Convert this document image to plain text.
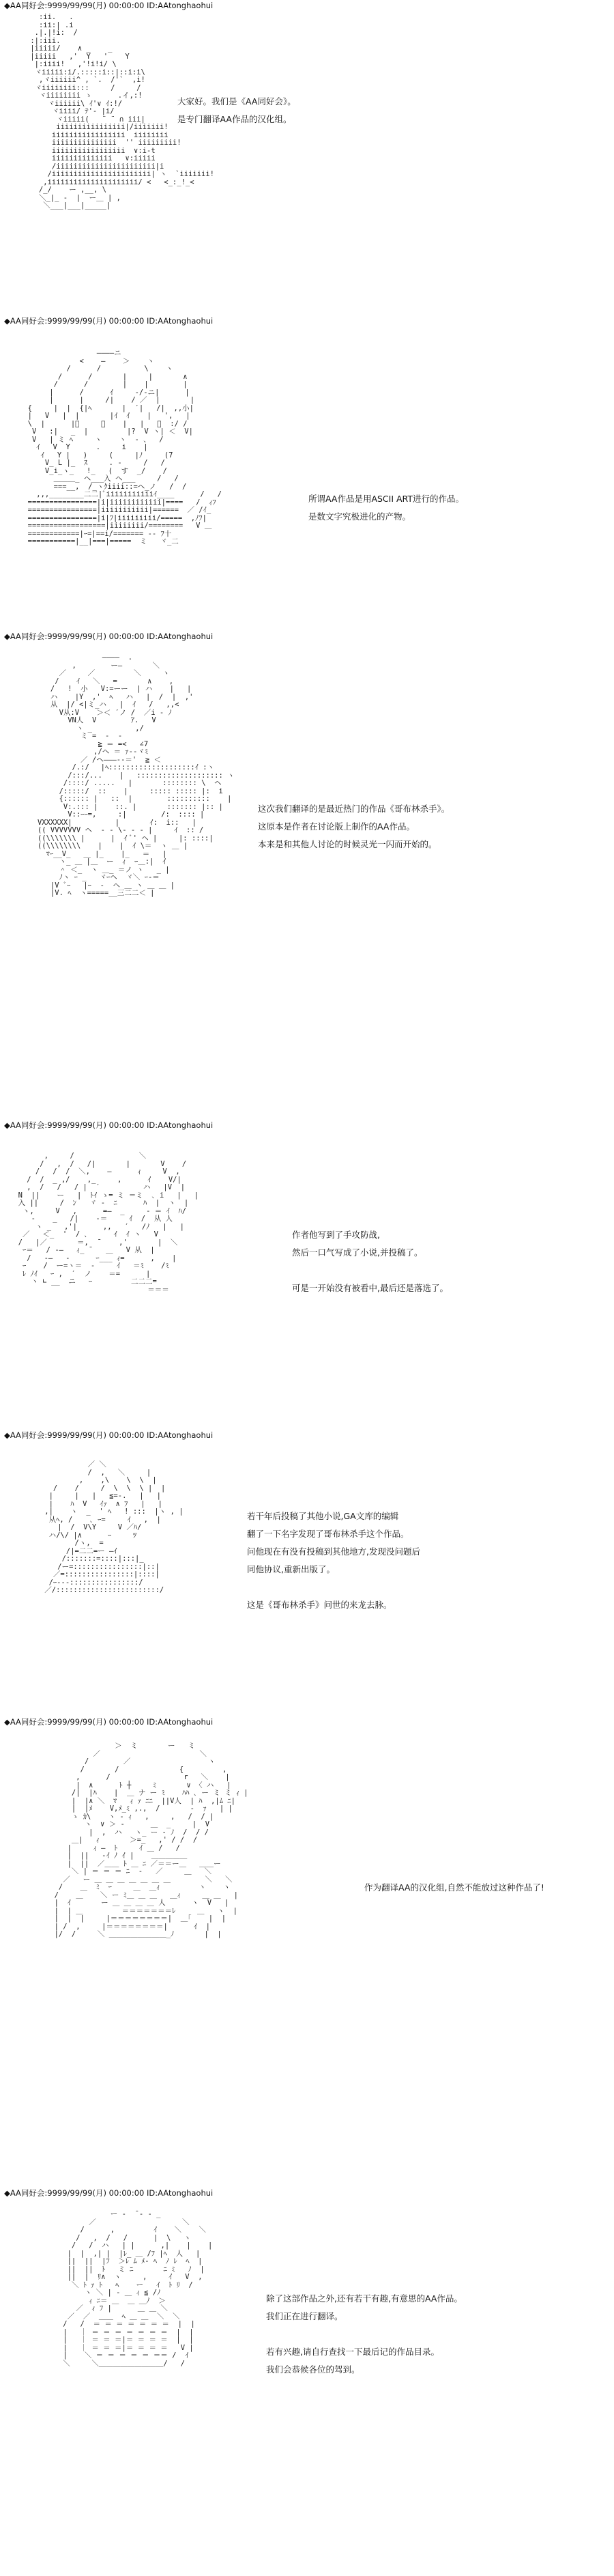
◆AA同好会:9999/99/99(月) 00:00:00 ID:AAtonghaohui
:ii.   .
:ii:| .i
.|.|!i:  /
:|:iii.
|iiiii/    ∧ _    _
|iiiii   ,'  Y   '    Y
|:iiii!   ,'!i!i/ \
ヾiiiii:i/.:::::i::|::i:i\
,ヾiiiiii^ , `.  /'`  ,i!
ヾiiiiiiii:::     /     /
ヾiiiiiiii ゝ      .イ,:!
ヾiiiiii\ ｲ'∨ ｲ:!/
ヾiiii/ ﾃ'- |i/
ヾiiiii(   ¨ ¨ ∩ iii|
iiiiiiiiiiiiiiii|/iiiiiii!
iiiiiiiiiiiiiiiii  iiiiiiii
iiiiiiiiiiiiiii  '' iiiiiiiii!
iiiiiiiiiiiiiiiii  ∨:i-t
iiiiiiiiiiiiii   ∨:iiiii
/iiiiiiiiiiiiiiiiiiiiiii|i
/iiiiiiiiiiiiiiiiiiiiiii| ヽ  `iiiiiii!
,iiiiiiiiiiiiiiiiiiiii/ <   <_:_!_<
/_/    ー ,__, \
＼_|_ ‐  |  ー＿ | ,
＼___|___|_____|
大家好。我们是《AA同好会》。
是专门翻译AA作品的汉化组。
◆AA同好会:9999/99/99(月) 00:00:00 ID:AAtonghaohui
――――ニ
<    ―    ＞    ヽ
/      /          \    ヽ
/      /       |     |       ∧
/      /        |    |        |
|      /      ｲ     -/‐ニ|      |
|      |     /|    / ／  |       |
{     |  |  {|ﾍ       |  ′|   /|  ,,小|
|   V   |  |       |ｲ  ｲ    |   ',   |
\  |      |ﾞ     ＝    |   |   ／  :/ /
V   :|   _  |         |?  V ヽ| ＜  V|
V   | ミ ﾍ     ヽ    ヽ  - 、  /
ｲ   V  Y      .     i    |
ｲ   Y |   )     (     |ﾉ     (7
V_ L |_  ｽ     . ‐     /   /
V_i_ヽ_   !_   (  す  _/    /
＿＿＿_ ヘ___入 ヘ___     /   /
===__,  /_ヽｸiiii::=ヘ_ノ   /  /
,,,________二二|ﾞiiiiiiiiiiiｲ____      /   /
================|i|iiiiiiiiiiii|====   /  ｨﾌ
================|iiiiiiiiiii|======  ／ /ｲ_
================|i|ﾌ|iiiiiiiii/=====  ,ﾉﾌ|
==================|iiiiiiii/========   V ＿
============|ｰ=|==i/======= ‐‐ ﾌ十
===========|__|===|=====  ミ   ヾ_二
所谓AA作品是用ASCII ART进行的作品。
是数文字究极进化的产物。
◆AA同好会:9999/99/99(月) 00:00:00 ID:AAtonghaohui
――――  .
,        ー―       ＼
／     ／         ＼     ヽ
/    ｲ   ＼   =       ∧    ,
/   !  小   V:=ーー  | ハ    |   |
ハ    |Y  ,'  ﾍ   ハ   |  /  |  ,'
从  |/ <|ミ_ハ   |  ｲ   /   ,,<
V从:V    ＞＜ ′ノ /  ／i ‐ ﾉ
VN人  V        ｱ.   V
ヽ _          ,/
ミ =  -  ‐
≧ ＝ =<   ∠7
,/ヘ ＝ ｧ‐‐ヾﾐ
／ /ヘ―――‐‐＝'  ≧ ＜
/.:/　 |ﾍ::::::::::::::::::::ｲ :ヽ
/:::/...    |   :::::::::::::::::::: ヽ
/::::/ .....   |       :::::::: \  ヘ
/:::::/  ::    |     ::::: ::::: |:  i
{:::::: |   ::  |        ::::::::::    |
V:.::: |    ::. |       ::::::: |:: |
V::ｰｰ=,     :|        /:  :::: |
VXXXXXX|          |       ｲ:  i::   |
(( VVVVVVV ヘ  ‐ ‐ \‐ ‐ - |     ｲ  :: /
((\\\\\\\ |      |  ｲ ﾞ' ヘ |     |: ::::|
((\\\\\\\\    |    |  ｲ \＝  ヽ ＿ |
ﾏｰ__V_   ＿ |_    |_   ＝   |
ヽ_ ＿ |＿  ー  ｨ  ｰ＿:|  ｲ
＾ ＜_  ヽ ＿_ ＝ノ ヽ   _ |
ﾉヽ ｰ _   ヾｰヘ  ヾ＼ ｰ‐＝
|V ﾞｰ   |ｰ  ‐  ヘ ＿ ヽ ＿ ＿ |
|V. ﾍ  ヽ=====__三二二＜ |
这次我们翻译的是最近热门的作品《哥布林杀手》。
这原本是作者在讨论版上制作的AA作品。
本来是和其他人讨论的时候灵光一闪而开始的。
◆AA同好会:9999/99/99(月) 00:00:00 ID:AAtonghaohui
,     /               ＼
/   ,  /   /|       |       V    /
/   /  /  ＼,    ―      ｨ     V  ,
/  /  _ ,/    ,_     ,      ｲ    V/|
,  /   /   / |  ′          ハ   |V  |
N  ||    ー   |  ﾄｲ ゝ= ミ ＝ミ  ､ i   |   |
入 ||     /  ﾝ   ヾ ‐  ﾆ      ﾊ  |  ヽ  |
ヽ,     V   ,      =―  _     ‐ ＝ ｲ  ﾊ/
‐    _   /|    ‐＝     ｲ  /  从 人
ヽ _   ,'|      ,,   ′   /ﾉ   |   |
／   ＜_  '  / ､      ｲ  ｲ ヽ   V
/   |／       ＝,  ̄     ,'       |  ＼
ｰ＝   / ‐―   ｨ_ ̄    ＿   V 从  |
/   -―   ‐      ｰ___ ｨ=      ,    |
ｰ    /  ー=ヽ＝  ‐     ｲ   ＝ﾐ    /ﾐ
ﾚ ﾉｲ   ｰ ,  ′  ノ    ＝=      |
ヽ ∟ __  ニ   ｰ         二二二=
＝＝＝
作者他写到了手攻防战,
然后一口气写成了小说,并投稿了。
可是一开始没有被看中,最后还是落选了。
◆AA同好会:9999/99/99(月) 00:00:00 ID:AAtonghaohui
／ ＼
/  ,   ＼     |
,    ,\    \  \  |
/    /     /  \  \  \ |  |
|     |   |   ≦=-.   |   |
|    ﾊ  V   ｲｧ  ∧ ﾌ   |   |
,|    ヽ  _  ' ﾍ   ! :::  |ヽ , |
从ﾍ, /    ､ ｰ=     ｲ   ,  |
|  /  V\Y     V ／ﾊ/
ハ/\/ |∧      ｰ     ﾂ
/ヽ,  =
/|=二二=ー ―ｲ
/:::::::=::::|:::|_
/ー=::::::::::::::::|::|
／=::::::::::::::::|::::|
/ｰ‐‐‐::::::::::::::::/
／/::::::::::::::::::::::::/
若干年后投稿了其他小说,GA文库的编辑
翻了一下名字发现了哥布林杀手这个作品。
问他现在有没有投稿到其他地方,发现没问题后
同他协议,重新出版了。
这是《哥布林杀手》问世的来龙去脉。
◆AA同好会:9999/99/99(月) 00:00:00 ID:AAtonghaohui
＞  ミ       ー   ミ
／                       ＼
/        ／                  ヽ
/       /              {         ,
,      /                 r   ＼    |
|  ∧      ﾄ ┼     ﾐ       ∨ 〈 ハ   |
/|  |ﾊ    |  ＿ ナ ー ﾐ    ﾊﾊ ､ ー ミ ミ ｨ |
|  |∧ ＼  ﾏ   ｨ ｧ ﾆﾆ  ||V人  | ﾊ  ,|ﾑ ﾆ|
|  |ﾒ    V,ﾒ_ﾐ ,.,  /       ‐  ｧ   | |
ゝ ｶ\    ヽ ‐ ｨ   ,     ,   /  / |
ヽ  ∨ ＞ ‐      ＿  _     |  V
|  ,  ハ   ヽ_ ー ‐ ﾉ  /  / /
＿|   ｨ       ＞=_   ,' / /  /
|     ｨ ―  ﾄ     ｲ ＿ /   /
|  ||   ‐ｲ ﾉ ｲ |    ＿＿＿＿＿
|  ||  ／＿＿ ﾄ ＿ ﾆ ／＝＝ー＿   ＿＿ー
＼ | ＝ ＝ ＝ ﾆ  ‐   ／     ＿   ＼
／   ー ＿ ＿ ＿ ＿ ＿ ＿ ＿        ＼   ＼
/    ＿  ﾐ  ｰ     ＿  ＿ｨ         ヽ    ヽ
/    ＿    ＼ ー ﾐ＿ ＿ ＿   ＿ｨ     ＿ ＿   |
|  ｲ       ー ＿ ＿ ＿ ＿ 人      ヽ  V   |
|  | ＿         ＝＝＝＝＝＝＝ﾚ     ＿   ヽ  |
|  |  |     |＝＝＝＝＝＝＝＝|  ＿｢    |  |
| /  ,     |＝＝＝＝＝＝＝＝|      ｲ  |
|/  /     ＼ ＿＿＿＿＿＿＿＿_ﾉ       |  |
作为翻译AA的汉化组,自然不能放过这种作品了!
◆AA同好会:9999/99/99(月) 00:00:00 ID:AAtonghaohui
ー ‐  ̄ ‐ ‐ _
／                    ＼
/      ,         ｲ    ＼    ＼
/   ,  /   /      |  \   ヽ
/   /  ハ   | |      ,|    |    |
|  |  ,| |  |ﾚ_ ＿ /ﾌ |ﾍ  人   |
||  ||  |ﾌ  ＞ﾚ ﾑ ﾒ‐ ﾍ  ﾉ ﾚ  ﾍ  |
||  ||  ﾄ   ミ ﾆ       ﾆ ﾐ   ﾉ  |
||  |  ﾘ∧  ヽ     ,     ｲ   V  ,
＼ ﾄ ｧ ﾄ   ﾍ    ー   ｲ  ﾄ ﾘ  /
ヽ ＼ | ‐ ＿ ｨ ≦ /ﾉ
ｨ ﾆ＝ ＿  ＿ ＿ﾉ  ＞
／  ｨ ﾌ |      ＿ ＿ ＼
／  ／  ＿＿  ﾍ ＿ ＿  ＼  ＼
/   /  ＝ ＝ ＝ ＝ ＝ ＝ ＝  |  |
|   ｜ ＝ ＝ ＝ ＝ ＝ ＝ ＝  |  |
|   ｜ ＝ ＝ ＝|＝ ＝ ＝ ＝  |  |
|   ｜ ＝ ＝ ＝|＝ ＝ ＝ ＝   V |
|    ＼ ＝ ＝ ＝ ＝ ＝ ＝＝ /  ｲ
＼     ＼＿＿＿＿＿＿＿＿＿/   /
除了这部作品之外,还有若干有趣,有意思的AA作品。
我们正在进行翻译。
若有兴趣,请自行查找一下最后记的作品目录。
我们会恭候各位的驾到。
